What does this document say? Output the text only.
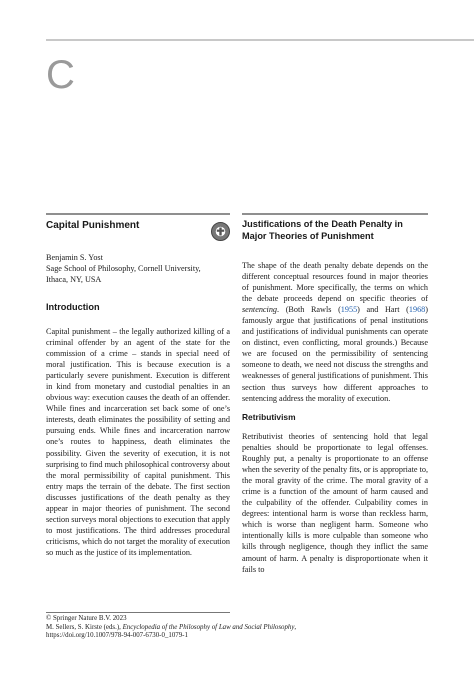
C
Capital Punishment
Benjamin S. Yost
Sage School of Philosophy, Cornell University,
Ithaca, NY, USA
Introduction

Capital punishment – the legally authorized killing of a criminal offender by an agent of the state for the commission of a crime – stands in special need of moral justification. This is because execution is a particularly severe punishment. Execution is different in kind from monetary and custodial penalties in an obvious way: execution causes the death of an offender. While fines and incarceration set back some of one’s interests, death eliminates the possibility of setting and pursuing ends. While fines and incarceration narrow one’s routes to happiness, death eliminates the possibility. Given the severity of execution, it is not surprising to find much philosophical controversy about the moral permissibility of capital punishment. This entry maps the terrain of the debate. The first section discusses justifications of the death penalty as they appear in major theories of punishment. The second section surveys moral objections to execution that apply to most justifications. The third addresses procedural criticisms, which do not target the morality of execution so much as the justice of its implementation.

Justifications of the Death Penalty in Major Theories of Punishment

The shape of the death penalty debate depends on the different conceptual resources found in major theories of punishment. More specifically, the terms on which the debate proceeds depend on specific theories of sentencing. (Both Rawls (1955) and Hart (1968) famously argue that justifications of penal institutions and justifications of individual punishments can operate on distinct, even conflicting, moral grounds.) Because we are focused on the permissibility of sentencing someone to death, we need not discuss the strengths and weaknesses of general justifications of punishment. This section thus surveys how different approaches to sentencing address the morality of execution.

Retributivism

Retributivist theories of sentencing hold that legal penalties should be proportionate to legal offenses. Roughly put, a penalty is proportionate to an offense when the severity of the penalty fits, or is appropriate to, the moral gravity of the crime. The moral gravity of a crime is a function of the amount of harm caused and the culpability of the offender. Culpability comes in degrees: intentional harm is worse than reckless harm, which is worse than negligent harm. Someone who intentionally kills is more culpable than someone who kills through negligence, though they inflict the same amount of harm. A penalty is disproportionate when it fails to

© Springer Nature B.V. 2023
M. Sellers, S. Kirste (eds.), Encyclopedia of the Philosophy of Law and Social Philosophy,
https://doi.org/10.1007/978-94-007-6730-0_1079-1
